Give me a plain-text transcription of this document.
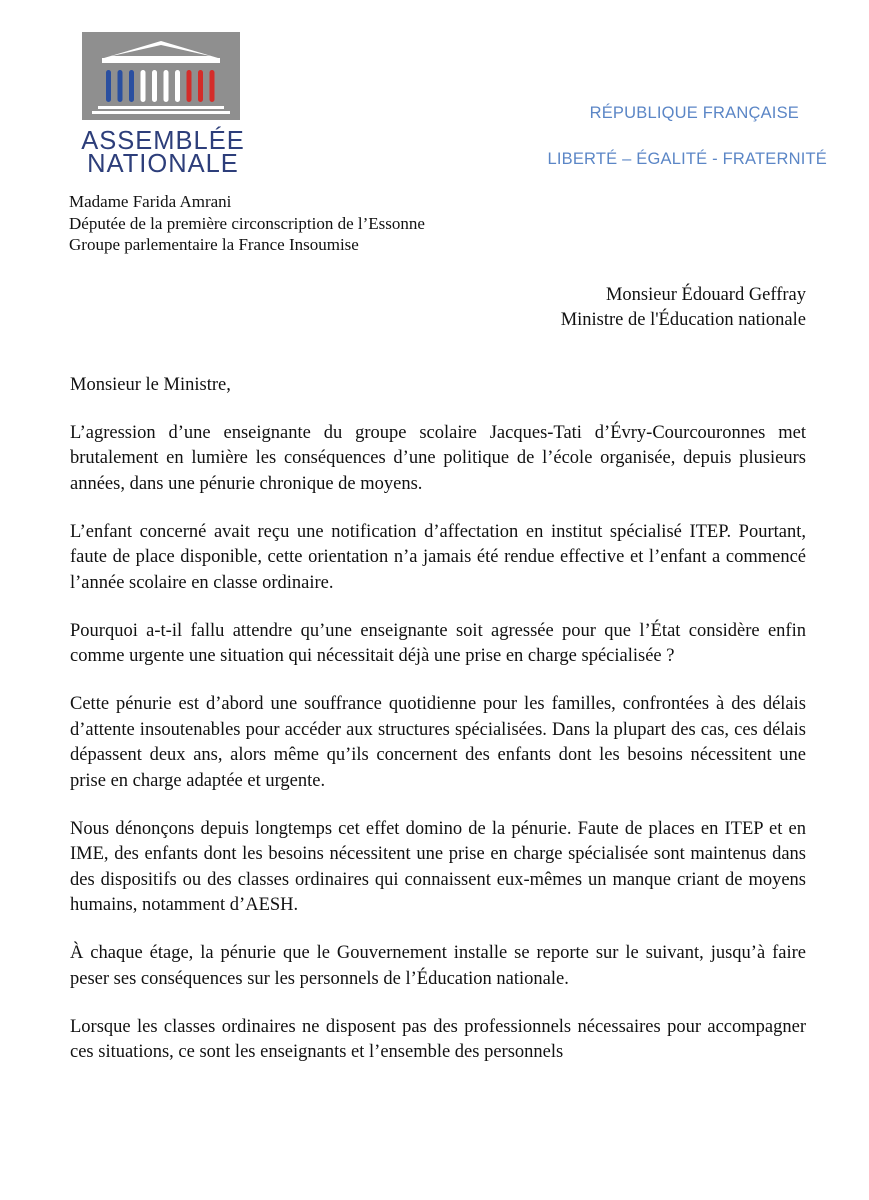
ASSEMBLÉE
NATIONALE
RÉPUBLIQUE FRANÇAISE
LIBERTÉ – ÉGALITÉ - FRATERNITÉ
Madame Farida Amrani
Députée de la première circonscription de l’Essonne
Groupe parlementaire la France Insoumise
Monsieur Édouard Geffray
Ministre de l'Éducation nationale

Monsieur le Ministre,

L’agression d’une enseignante du groupe scolaire Jacques-Tati d’Évry-Courcouronnes met brutalement en lumière les conséquences d’une politique de l’école organisée, depuis plusieurs années, dans une pénurie chronique de moyens.

L’enfant concerné avait reçu une notification d’affectation en institut spécialisé ITEP. Pourtant, faute de place disponible, cette orientation n’a jamais été rendue effective et l’enfant a commencé l’année scolaire en classe ordinaire.

Pourquoi a-t-il fallu attendre qu’une enseignante soit agressée pour que l’État considère enfin comme urgente une situation qui nécessitait déjà une prise en charge spécialisée ?

Cette pénurie est d’abord une souffrance quotidienne pour les familles, confrontées à des délais d’attente insoutenables pour accéder aux structures spécialisées. Dans la plupart des cas, ces délais dépassent deux ans, alors même qu’ils concernent des enfants dont les besoins nécessitent une prise en charge adaptée et urgente.

Nous dénonçons depuis longtemps cet effet domino de la pénurie. Faute de places en ITEP et en IME, des enfants dont les besoins nécessitent une prise en charge spécialisée sont maintenus dans des dispositifs ou des classes ordinaires qui connaissent eux-mêmes un manque criant de moyens humains, notamment d’AESH.

À chaque étage, la pénurie que le Gouvernement installe se reporte sur le suivant, jusqu’à faire peser ses conséquences sur les personnels de l’Éducation nationale.

Lorsque les classes ordinaires ne disposent pas des professionnels nécessaires pour accompagner ces situations, ce sont les enseignants et l’ensemble des personnels
